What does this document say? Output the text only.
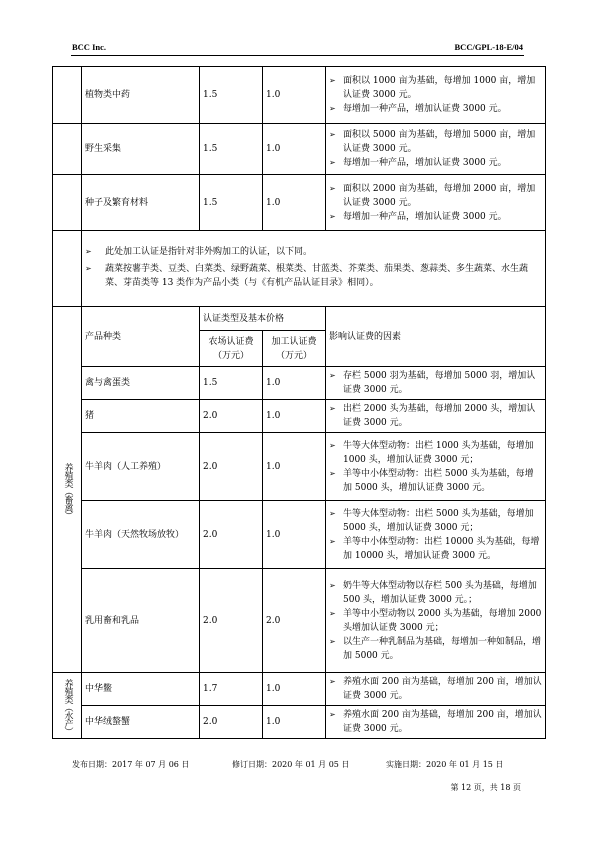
BCC Inc.	BCC/GPL-18-E/04
	植物类中药	1.5	1.0	➢ 面积以 1000 亩为基础，每增加 1000 亩，增加认证费 3000 元。
➢ 每增加一种产品，增加认证费 3000 元。

	野生采集	1.5	1.0	➢ 面积以 5000 亩为基础，每增加 5000 亩，增加认证费 3000 元。
➢ 每增加一种产品，增加认证费 3000 元。

	种子及繁育材料	1.5	1.0	➢ 面积以 2000 亩为基础，每增加 2000 亩，增加认证费 3000 元。
➢ 每增加一种产品，增加认证费 3000 元。

	➢ 此处加工认证是指针对非外购加工的认证，以下同。
➢ 蔬菜按薯芋类、豆类、白菜类、绿野蔬菜、根菜类、甘蓝类、芥菜类、茄果类、葱蒜类、多生蔬菜、水生蔬菜、芽苗类等 13 类作为产品小类（与《有机产品认证目录》相同）。

养殖类（畜禽）	产品种类	认证类型及基本价格		影响认证费的因素
		农场认证费（万元）	加工认证费（万元）	
	禽与禽蛋类	1.5	1.0	➢ 存栏 5000 羽为基础，每增加 5000 羽，增加认证费 3000 元。

	猪	2.0	1.0	➢ 出栏 2000 头为基础，每增加 2000 头，增加认证费 3000 元。

	牛羊肉（人工养殖）	2.0	1.0	➢ 牛等大体型动物：出栏 1000 头为基础，每增加 1000 头，增加认证费 3000 元；
➢ 羊等中小体型动物：出栏 5000 头为基础，每增加 5000 头，增加认证费 3000 元。

	牛羊肉（天然牧场放牧）	2.0	1.0	➢ 牛等大体型动物：出栏 5000 头为基础，每增加 5000 头，增加认证费 3000 元；
➢ 羊等中小体型动物：出栏 10000 头为基础，每增加 10000 头，增加认证费 3000 元。

	乳用畜和乳品	2.0	2.0	➢ 奶牛等大体型动物以存栏 500 头为基础，每增加 500 头，增加认证费 3000 元。；
➢ 羊等中小型动物以 2000 头为基础，每增加 2000 头增加认证费 3000 元；
➢ 以生产一种乳制品为基础，每增加一种如制品，增加 5000 元。

养殖类（水产）	中华鳖	1.7	1.0	➢ 养殖水面 200 亩为基础，每增加 200 亩，增加认证费 3000 元。

	中华绒螯蟹	2.0	1.0	➢ 养殖水面 200 亩为基础，每增加 200 亩，增加认证费 3000 元。
发布日期：2017 年 07 月 06 日	修订日期：2020 年 01 月 05 日	实施日期：2020 年 01 月 15 日
第 12 页，共 18 页
